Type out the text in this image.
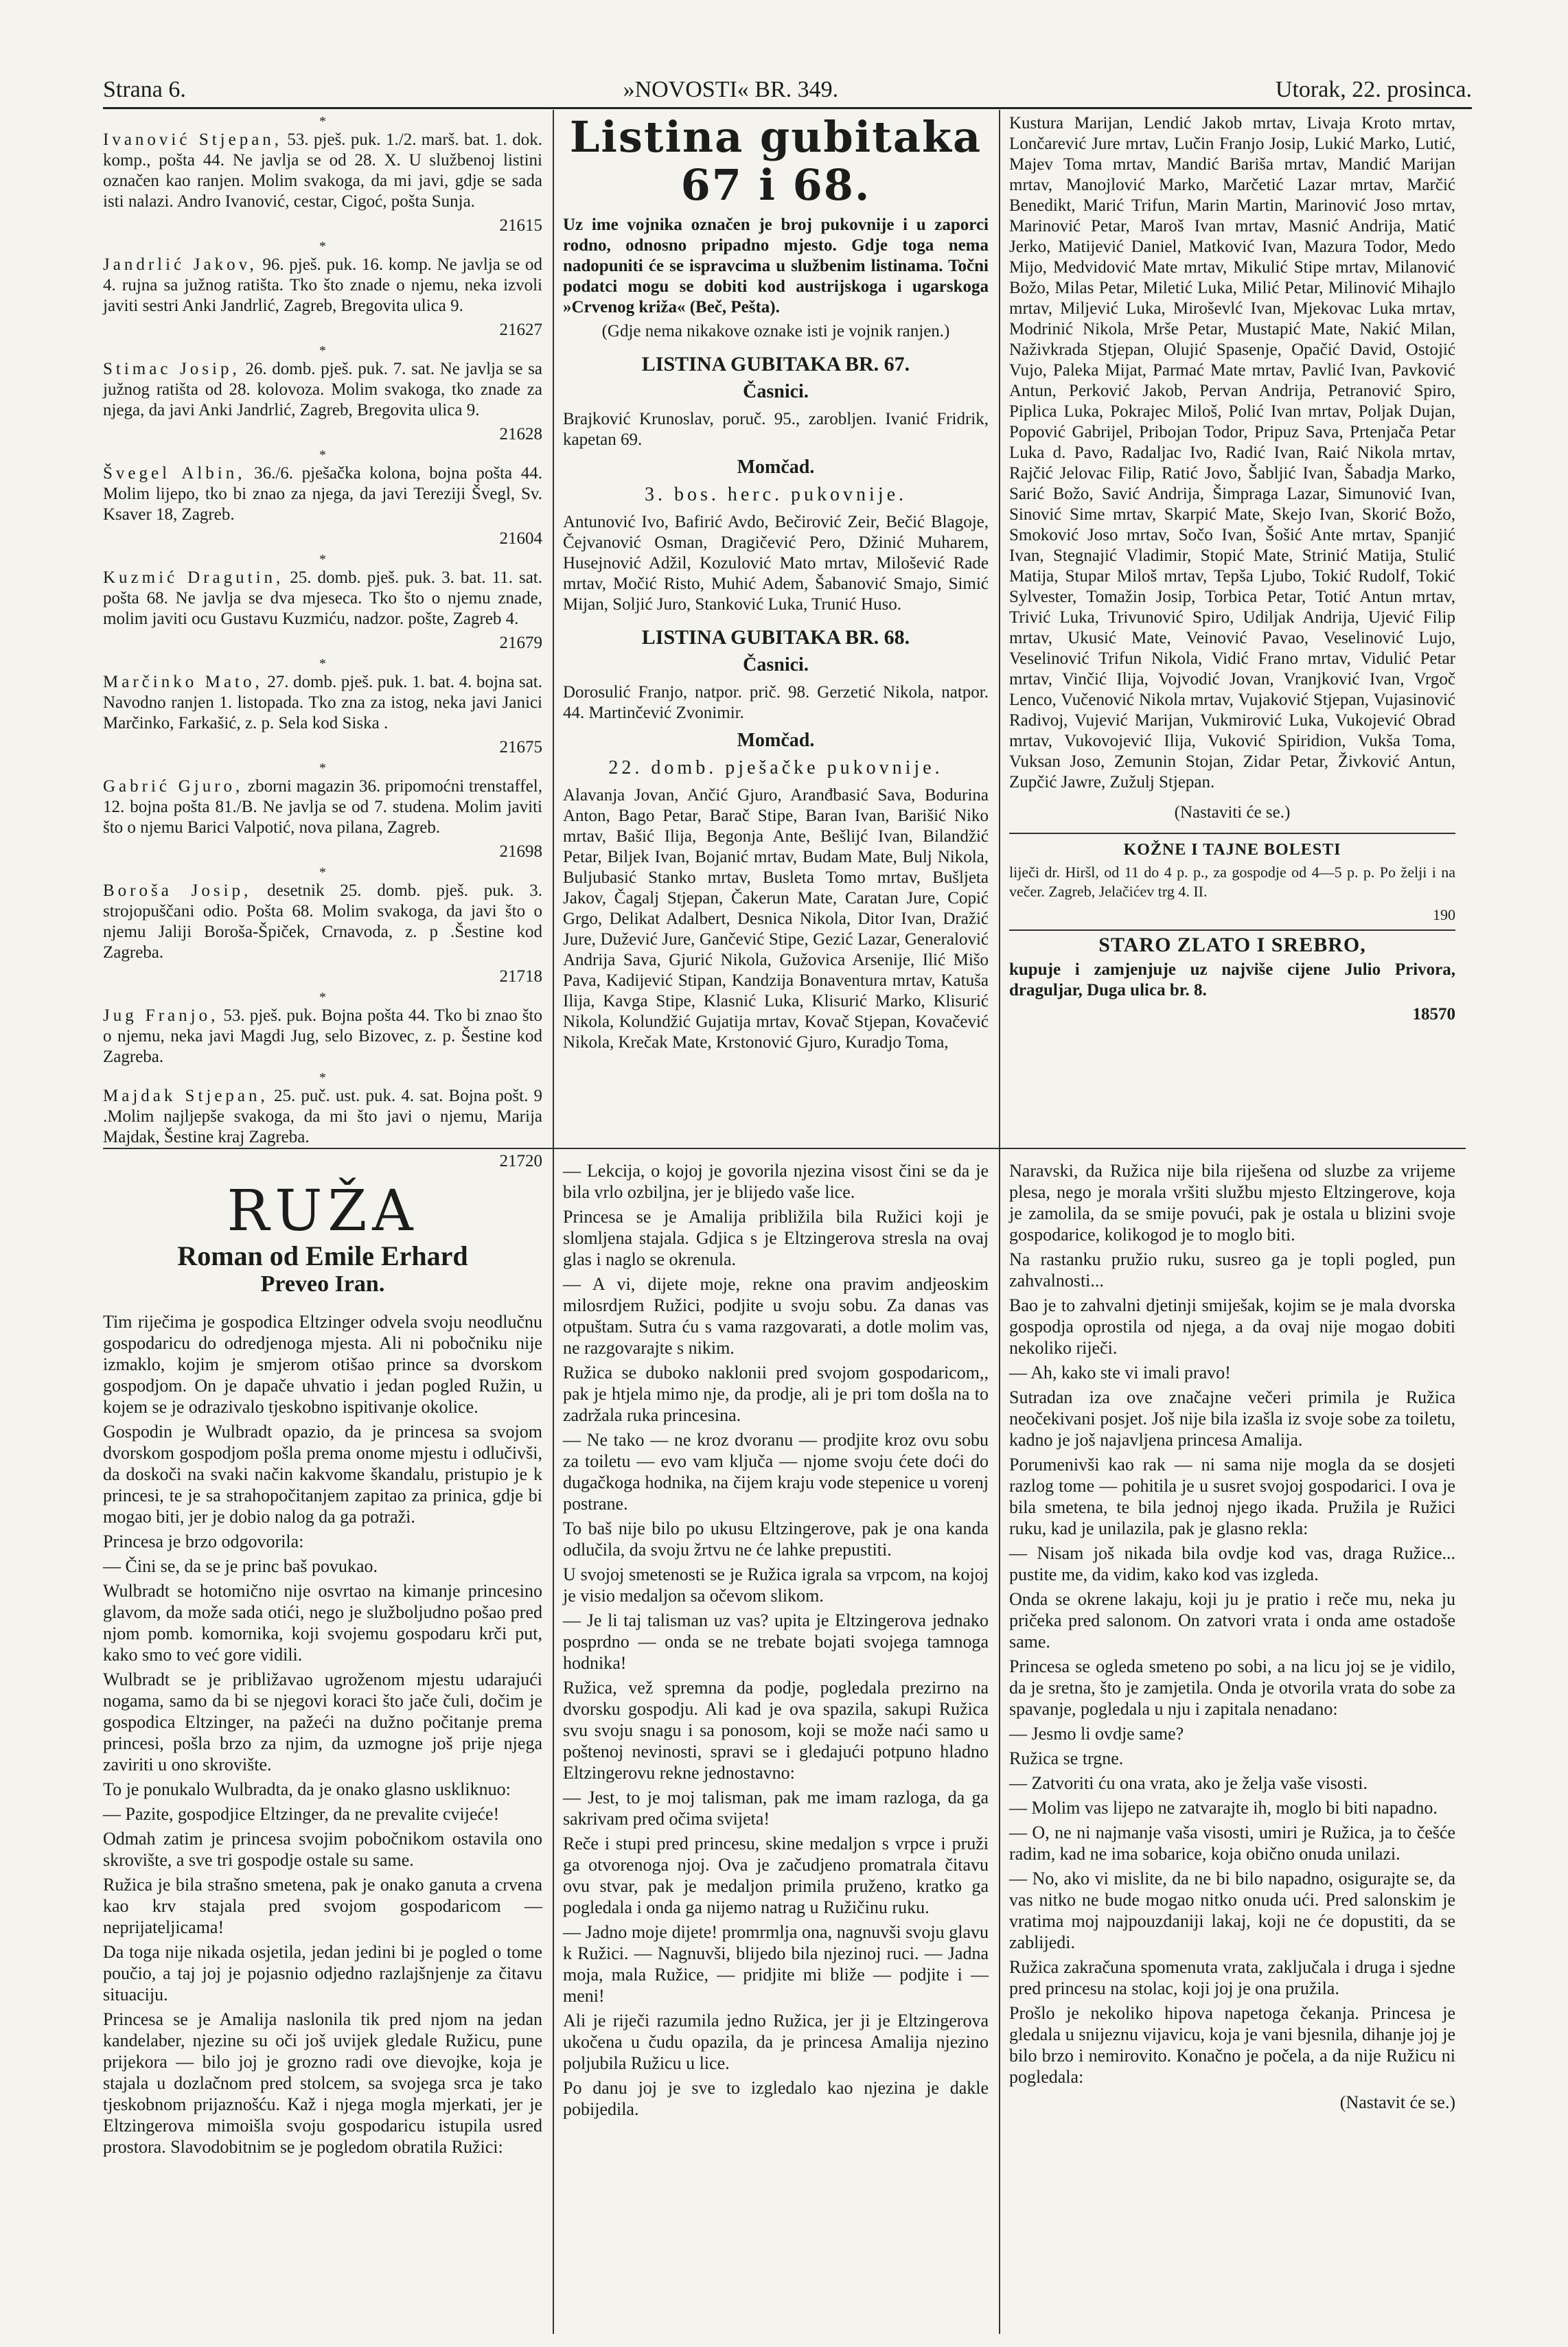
Strana 6.	»NOVOSTI« BR. 349.	Utorak, 22. prosinca.
*

Ivanović Stjepan, 53. pješ. puk. 1./2. marš. bat. 1. dok. komp., pošta 44. Ne javlja se od 28. X. U službenoj listini označen kao ranjen. Molim svakoga, da mi javi, gdje se sada isti nalazi. Andro Ivanović, cestar, Cigoć, pošta Sunja.

21615

*

Jandrlić Jakov, 96. pješ. puk. 16. komp. Ne javlja se od 4. rujna sa južnog ratišta. Tko što znade o njemu, neka izvoli javiti sestri Anki Jandrlić, Zagreb, Bregovita ulica 9.

21627

*

Stimac Josip, 26. domb. pješ. puk. 7. sat. Ne javlja se sa južnog ratišta od 28. kolovoza. Molim svakoga, tko znade za njega, da javi Anki Jandrlić, Zagreb, Bregovita ulica 9.

21628

*

Švegel Albin, 36./6. pješačka kolona, bojna pošta 44. Molim lijepo, tko bi znao za njega, da javi Tereziji Švegl, Sv. Ksaver 18, Zagreb.

21604

*

Kuzmić Dragutin, 25. domb. pješ. puk. 3. bat. 11. sat. pošta 68. Ne javlja se dva mjeseca. Tko što o njemu znade, molim javiti ocu Gustavu Kuzmiću, nadzor. pošte, Zagreb 4.

21679

*

Marčinko Mato, 27. domb. pješ. puk. 1. bat. 4. bojna sat. Navodno ranjen 1. listopada. Tko zna za istog, neka javi Janici Marčinko, Farkašić, z. p. Sela kod Siska .

21675

*

Gabrić Gjuro, zborni magazin 36. pripomoćni trenstaffel, 12. bojna pošta 81./B. Ne javlja se od 7. studena. Molim javiti što o njemu Barici Valpotić, nova pilana, Zagreb.

21698

*

Boroša Josip, desetnik 25. domb. pješ. puk. 3. strojopuščani odio. Pošta 68. Molim svakoga, da javi što o njemu Jaliji Boroša-Špiček, Crnavoda, z. p .Šestine kod Zagreba.

21718

*

Jug Franjo, 53. pješ. puk. Bojna pošta 44. Tko bi znao što o njemu, neka javi Magdi Jug, selo Bizovec, z. p. Šestine kod Zagreba.

*

Majdak Stjepan, 25. puč. ust. puk. 4. sat. Bojna pošt. 9 .Molim najljepše svakoga, da mi što javi o njemu, Marija Majdak, Šestine kraj Zagreba.

21720

Listina gubitaka 67 i 68.

Uz ime vojnika označen je broj pukovnije i u zaporci rodno, odnosno pripadno mjesto. Gdje toga nema nadopuniti će se ispravcima u službenim listinama. Točni podatci mogu se dobiti kod austrijskoga i ugarskoga »Crvenog križa« (Beč, Pešta).

(Gdje nema nikakove oznake isti je vojnik ranjen.)

LISTINA GUBITAKA BR. 67.
Časnici.

Brajković Krunoslav, poruč. 95., zarobljen. Ivanić Fridrik, kapetan 69.

Momčad.
3. bos. herc. pukovnije.

Antunović Ivo, Bafirić Avdo, Bečirović Zeir, Bečić Blagoje, Čejvanović Osman, Dragičević Pero, Džinić Muharem, Husejnović Adžil, Kozulović Mato mrtav, Milošević Rade mrtav, Močić Risto, Muhić Adem, Šabanović Smajo, Simić Mijan, Soljić Juro, Stanković Luka, Trunić Huso.

LISTINA GUBITAKA BR. 68.
Časnici.

Dorosulić Franjo, natpor. prič. 98. Gerzetić Nikola, natpor. 44. Martinčević Zvonimir.

Momčad.
22. domb. pješačke pukovnije.

Alavanja Jovan, Ančić Gjuro, Aranđbasić Sava, Bodurina Anton, Bago Petar, Barač Stipe, Baran Ivan, Barišić Niko mrtav, Bašić Ilija, Begonja Ante, Bešlijć Ivan, Bilandžić Petar, Biljek Ivan, Bojanić mrtav, Budam Mate, Bulj Nikola, Buljubasić Stanko mrtav, Busleta Tomo mrtav, Bušljeta Jakov, Čagalj Stjepan, Čakerun Mate, Caratan Jure, Copić Grgo, Delikat Adalbert, Desnica Nikola, Ditor Ivan, Dražić Jure, Dužević Jure, Gančević Stipe, Gezić Lazar, Generalović Andrija Sava, Gjurić Nikola, Gužovica Arsenije, Ilić Mišo Pava, Kadijević Stipan, Kandzija Bonaventura mrtav, Katuša Ilija, Kavga Stipe, Klasnić Luka, Klisurić Marko, Klisurić Nikola, Kolundžić Gujatija mrtav, Kovač Stjepan, Kovačević Nikola, Krečak Mate, Krstonović Gjuro, Kuradjo Toma,

Kustura Marijan, Lendić Jakob mrtav, Livaja Kroto mrtav, Lončarević Jure mrtav, Lučin Franjo Josip, Lukić Marko, Lutić, Majev Toma mrtav, Mandić Bariša mrtav, Mandić Marijan mrtav, Manojlović Marko, Marčetić Lazar mrtav, Marčić Benedikt, Marić Trifun, Marin Martin, Marinović Joso mrtav, Marinović Petar, Maroš Ivan mrtav, Masnić Andrija, Matić Jerko, Matijević Daniel, Matković Ivan, Mazura Todor, Medo Mijo, Medvidović Mate mrtav, Mikulić Stipe mrtav, Milanović Božo, Milas Petar, Miletić Luka, Milić Petar, Milinović Mihajlo mrtav, Miljević Luka, Miroševlć Ivan, Mjekovac Luka mrtav, Modrinić Nikola, Mrše Petar, Mustapić Mate, Nakić Milan, Naživkrada Stjepan, Olujić Spasenje, Opačić David, Ostojić Vujo, Paleka Mijat, Parmać Mate mrtav, Pavlić Ivan, Pavković Antun, Perković Jakob, Pervan Andrija, Petranović Spiro, Piplica Luka, Pokrajec Miloš, Polić Ivan mrtav, Poljak Dujan, Popović Gabrijel, Pribojan Todor, Pripuz Sava, Prtenjača Petar Luka d. Pavo, Radaljac Ivo, Radić Ivan, Raić Nikola mrtav, Rajčić Jelovac Filip, Ratić Jovo, Šabljić Ivan, Šabadja Marko, Sarić Božo, Savić Andrija, Šimpraga Lazar, Simunović Ivan, Sinović Sime mrtav, Skarpić Mate, Skejo Ivan, Skorić Božo, Smoković Joso mrtav, Sočo Ivan, Šošić Ante mrtav, Spanjić Ivan, Stegnajić Vladimir, Stopić Mate, Strinić Matija, Stulić Matija, Stupar Miloš mrtav, Tepša Ljubo, Tokić Rudolf, Tokić Sylvester, Tomažin Josip, Torbica Petar, Totić Antun mrtav, Trivić Luka, Trivunović Spiro, Udiljak Andrija, Ujević Filip mrtav, Ukusić Mate, Veinović Pavao, Veselinović Lujo, Veselinović Trifun Nikola, Vidić Frano mrtav, Vidulić Petar mrtav, Vinčić Ilija, Vojvodić Jovan, Vranjković Ivan, Vrgoč Lenco, Vučenović Nikola mrtav, Vujaković Stjepan, Vujasinović Radivoj, Vujević Marijan, Vukmirović Luka, Vukojević Obrad mrtav, Vukovojević Ilija, Vuković Spiridion, Vukša Toma, Vuksan Joso, Zemunin Stojan, Zidar Petar, Živković Antun, Zupčić Jawre, Zužulj Stjepan.

(Nastaviti će se.)

KOŽNE I TAJNE BOLESTI

liječi dr. Hiršl, od 11 do 4 p. p., za gospodje od 4—5 p. p. Po želji i na večer. Zagreb, Jelačićev trg 4. II.

190

STARO ZLATO I SREBRO,

kupuje i zamjenjuje uz najviše cijene Julio Privora, draguljar, Duga ulica br. 8.

18570

RUŽA
Roman od Emile Erhard
Preveo Iran.

Tim riječima je gospodica Eltzinger odvela svoju neodlučnu gospodaricu do odredjenoga mjesta. Ali ni pobočniku nije izmaklo, kojim je smjerom otišao prince sa dvorskom gospodjom. On je dapače uhvatio i jedan pogled Ružin, u kojem se je odrazivalo tjeskobno ispitivanje okolice.

Gospodin je Wulbradt opazio, da je princesa sa svojom dvorskom gospodjom pošla prema onome mjestu i odlučivši, da doskoči na svaki način kakvome škandalu, pristupio je k princesi, te je sa strahopočitanjem zapitao za prinica, gdje bi mogao biti, jer je dobio nalog da ga potraži.

Princesa je brzo odgovorila:

— Čini se, da se je princ baš povukao.

Wulbradt se hotomično nije osvrtao na kimanje princesino glavom, da može sada otići, nego je služboljudno pošao pred njom pomb. komornika, koji svojemu gospodaru krči put, kako smo to već gore vidili.

Wulbradt se je približavao ugroženom mjestu udarajući nogama, samo da bi se njegovi koraci što jače čuli, dočim je gospodica Eltzinger, na pažeći na dužno počitanje prema princesi, pošla brzo za njim, da uzmogne još prije njega zaviriti u ono skrovište.

To je ponukalo Wulbradta, da je onako glasno uskliknuo:

— Pazite, gospodjice Eltzinger, da ne prevalite cvijeće!

Odmah zatim je princesa svojim pobočnikom ostavila ono skrovište, a sve tri gospodje ostale su same.

Ružica je bila strašno smetena, pak je onako ganuta a crvena kao krv stajala pred svojom gospodaricom — neprijateljicama!

Da toga nije nikada osjetila, jedan jedini bi je pogled o tome poučio, a taj joj je pojasnio odjedno razlajšnjenje za čitavu situaciju.

Princesa se je Amalija naslonila tik pred njom na jedan kandelaber, njezine su oči još uvijek gledale Ružicu, pune prijekora — bilo joj je grozno radi ove dievojke, koja je stajala u dozlačnom pred stolcem, sa svojega srca je tako tjeskobnom prijaznošću. Kaž i njega mogla mjerkati, jer je Eltzingerova mimoišla svoju gospodaricu istupila usred prostora. Slavodobitnim se je pogledom obratila Ružici:

— Lekcija, o kojoj je govorila njezina visost čini se da je bila vrlo ozbiljna, jer je blijedo vaše lice.

Princesa se je Amalija približila bila Ružici koji je slomljena stajala. Gdjica s je Eltzingerova stresla na ovaj glas i naglo se okrenula.

— A vi, dijete moje, rekne ona pravim andjeoskim milosrdjem Ružici, podjite u svoju sobu. Za danas vas otpuštam. Sutra ću s vama razgovarati, a dotle molim vas, ne razgovarajte s nikim.

Ružica se duboko naklonii pred svojom gospodaricom,, pak je htjela mimo nje, da prodje, ali je pri tom došla na to zadržala ruka princesina.

— Ne tako — ne kroz dvoranu — prodjite kroz ovu sobu za toiletu — evo vam ključa — njome svoju ćete doći do dugačkoga hodnika, na čijem kraju vode stepenice u vorenj postrane.

To baš nije bilo po ukusu Eltzingerove, pak je ona kanda odlučila, da svoju žrtvu ne će lahke prepustiti.

U svojoj smetenosti se je Ružica igrala sa vrpcom, na kojoj je visio medaljon sa očevom slikom.

— Je li taj talisman uz vas? upita je Eltzingerova jednako posprdno — onda se ne trebate bojati svojega tamnoga hodnika!

Ružica, vež spremna da podje, pogledala prezirno na dvorsku gospodju. Ali kad je ova spazila, sakupi Ružica svu svoju snagu i sa ponosom, koji se može naći samo u poštenoj nevinosti, spravi se i gledajući potpuno hladno Eltzingerovu rekne jednostavno:

— Jest, to je moj talisman, pak me imam razloga, da ga sakrivam pred očima svijeta!

Reče i stupi pred princesu, skine medaljon s vrpce i pruži ga otvorenoga njoj. Ova je začudjeno promatrala čitavu ovu stvar, pak je medaljon primila pruženo, kratko ga pogledala i onda ga nijemo natrag u Ružičinu ruku.

— Jadno moje dijete! promrmlja ona, nagnuvši svoju glavu k Ružici. — Nagnuvši, blijedo bila njezinoj ruci. — Jadna moja, mala Ružice, — pridjite mi bliže — podjite i — meni!

Ali je riječi razumila jedno Ružica, jer ji je Eltzingerova ukočena u čudu opazila, da je princesa Amalija njezino poljubila Ružicu u lice.

Po danu joj je sve to izgledalo kao njezina je dakle pobijedila.

Naravski, da Ružica nije bila riješena od sluzbe za vrijeme plesa, nego je morala vršiti službu mjesto Eltzingerove, koja je zamolila, da se smije povući, pak je ostala u blizini svoje gospodarice, kolikogod je to moglo biti.

Na rastanku pružio ruku, susreo ga je topli pogled, pun zahvalnosti...

Bao je to zahvalni djetinji smiješak, kojim se je mala dvorska gospodja oprostila od njega, a da ovaj nije mogao dobiti nekoliko riječi.

— Ah, kako ste vi imali pravo!

Sutradan iza ove značajne večeri primila je Ružica neočekivani posjet. Još nije bila izašla iz svoje sobe za toiletu, kadno je još najavljena princesa Amalija.

Porumenivši kao rak — ni sama nije mogla da se dosjeti razlog tome — pohitila je u susret svojoj gospodarici. I ova je bila smetena, te bila jednoj njego ikada. Pružila je Ružici ruku, kad je unilazila, pak je glasno rekla:

— Nisam još nikada bila ovdje kod vas, draga Ružice... pustite me, da vidim, kako kod vas izgleda.

Onda se okrene lakaju, koji ju je pratio i reče mu, neka ju pričeka pred salonom. On zatvori vrata i onda ame ostadoše same.

Princesa se ogleda smeteno po sobi, a na licu joj se je vidilo, da je sretna, što je zamjetila. Onda je otvorila vrata do sobe za spavanje, pogledala u nju i zapitala nenadano:

— Jesmo li ovdje same?

Ružica se trgne.

— Zatvoriti ću ona vrata, ako je želja vaše visosti.

— Molim vas lijepo ne zatvarajte ih, moglo bi biti napadno.

— O, ne ni najmanje vaša visosti, umiri je Ružica, ja to češće radim, kad ne ima sobarice, koja obično onuda unilazi.

— No, ako vi mislite, da ne bi bilo napadno, osigurajte se, da vas nitko ne bude mogao nitko onuda ući. Pred salonskim je vratima moj najpouzdaniji lakaj, koji ne će dopustiti, da se zablijedi.

Ružica zakračuna spomenuta vrata, zaključala i druga i sjedne pred princesu na stolac, koji joj je ona pružila.

Prošlo je nekoliko hipova napetoga čekanja. Princesa je gledala u snijeznu vijavicu, koja je vani bjesnila, dihanje joj je bilo brzo i nemirovito. Konačno je počela, a da nije Ružicu ni pogledala:

(Nastavit će se.)
